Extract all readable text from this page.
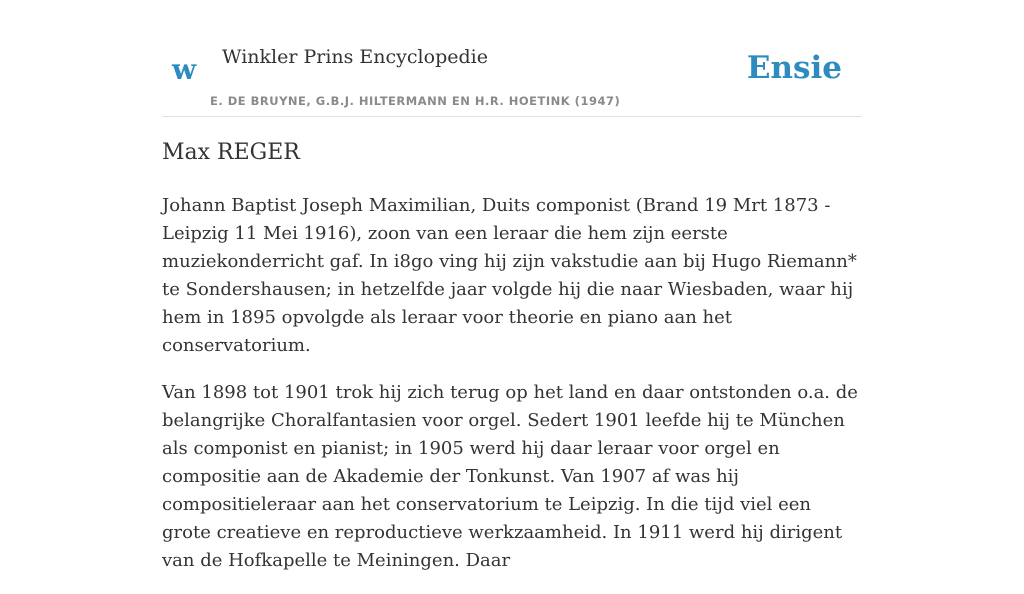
w Winkler Prins Encyclopedie	Ensie
E. DE BRUYNE, G.B.J. HILTERMANN EN H.R. HOETINK (1947)
Max REGER

Johann Baptist Joseph Maximilian, Duits componist (Brand 19 Mrt 1873 - Leipzig 11 Mei 1916), zoon van een leraar die hem zijn eerste muziekonderricht gaf. In i8go ving hij zijn vakstudie aan bij Hugo Riemann* te Sondershausen; in hetzelfde jaar volgde hij die naar Wiesbaden, waar hij hem in 1895 opvolgde als leraar voor theorie en piano aan het conservatorium.

Van 1898 tot 1901 trok hij zich terug op het land en daar ontstonden o.a. de belangrijke Choralfantasien voor orgel. Sedert 1901 leefde hij te München als componist en pianist; in 1905 werd hij daar leraar voor orgel en compositie aan de Akademie der Tonkunst. Van 1907 af was hij compositieleraar aan het conservatorium te Leipzig. In die tijd viel een grote creatieve en reproductieve werkzaamheid. In 1911 werd hij dirigent van de Hofkapelle te Meiningen. Daar
